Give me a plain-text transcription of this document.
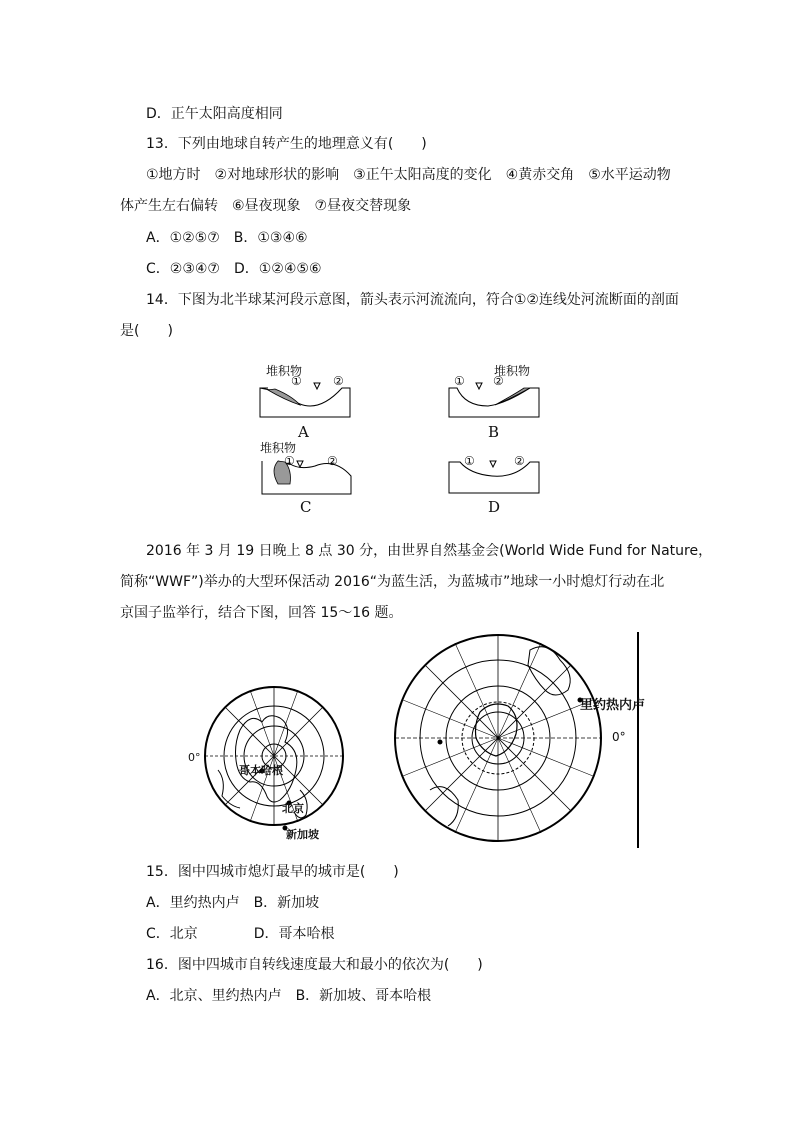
D．正午太阳高度相同
13．下列由地球自转产生的地理意义有(　　)
①地方时　②对地球形状的影响　③正午太阳高度的变化　④黄赤交角　⑤水平运动物
体产生左右偏转　⑥昼夜现象　⑦昼夜交替现象
A．①②⑤⑦　B．①③④⑥
C．②③④⑦　D．①②④⑤⑥
14．下图为北半球某河段示意图，箭头表示河流流向，符合①②连线处河流断面的剖面
是(　　)
堆积物
①	②
A
堆积物
① ②
B
堆积物
①	②
C
①	②
D
2016 年 3 月 19 日晚上 8 点 30 分，由世界自然基金会(World Wide Fund for Nature，
简称“WWF”)举办的大型环保活动 2016“为蓝生活，为蓝城市”地球一小时熄灯行动在北
京国子监举行，结合下图，回答 15～16 题。
哥本哈根
北京
新加坡
0°
里约热内卢
0°
15．图中四城市熄灯最早的城市是(　　)
A．里约热内卢　B．新加坡
C．北京　　　　D．哥本哈根
16．图中四城市自转线速度最大和最小的依次为(　　)
A．北京、里约热内卢　B．新加坡、哥本哈根
